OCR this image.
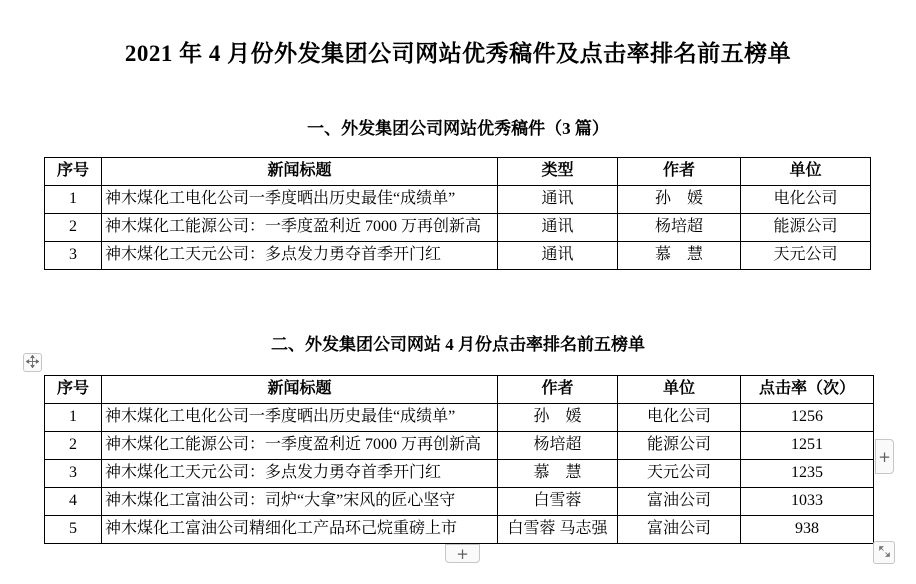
2021 年 4 月份外发集团公司网站优秀稿件及点击率排名前五榜单
一、外发集团公司网站优秀稿件（3 篇）
序号	新闻标题	类型	作者	单位
1	神木煤化工电化公司一季度晒出历史最佳“成绩单”	通讯	孙　媛	电化公司
2	神木煤化工能源公司：一季度盈利近 7000 万再创新高	通讯	杨培超	能源公司
3	神木煤化工天元公司：多点发力勇夺首季开门红	通讯	慕　慧	天元公司
二、外发集团公司网站 4 月份点击率排名前五榜单
序号	新闻标题	作者	单位	点击率（次）
1	神木煤化工电化公司一季度晒出历史最佳“成绩单”	孙　媛	电化公司	1256
2	神木煤化工能源公司：一季度盈利近 7000 万再创新高	杨培超	能源公司	1251
3	神木煤化工天元公司：多点发力勇夺首季开门红	慕　慧	天元公司	1235
4	神木煤化工富油公司：司炉“大拿”宋风的匠心坚守	白雪蓉	富油公司	1033
5	神木煤化工富油公司精细化工产品环己烷重磅上市	白雪蓉 马志强	富油公司	938
+
+
